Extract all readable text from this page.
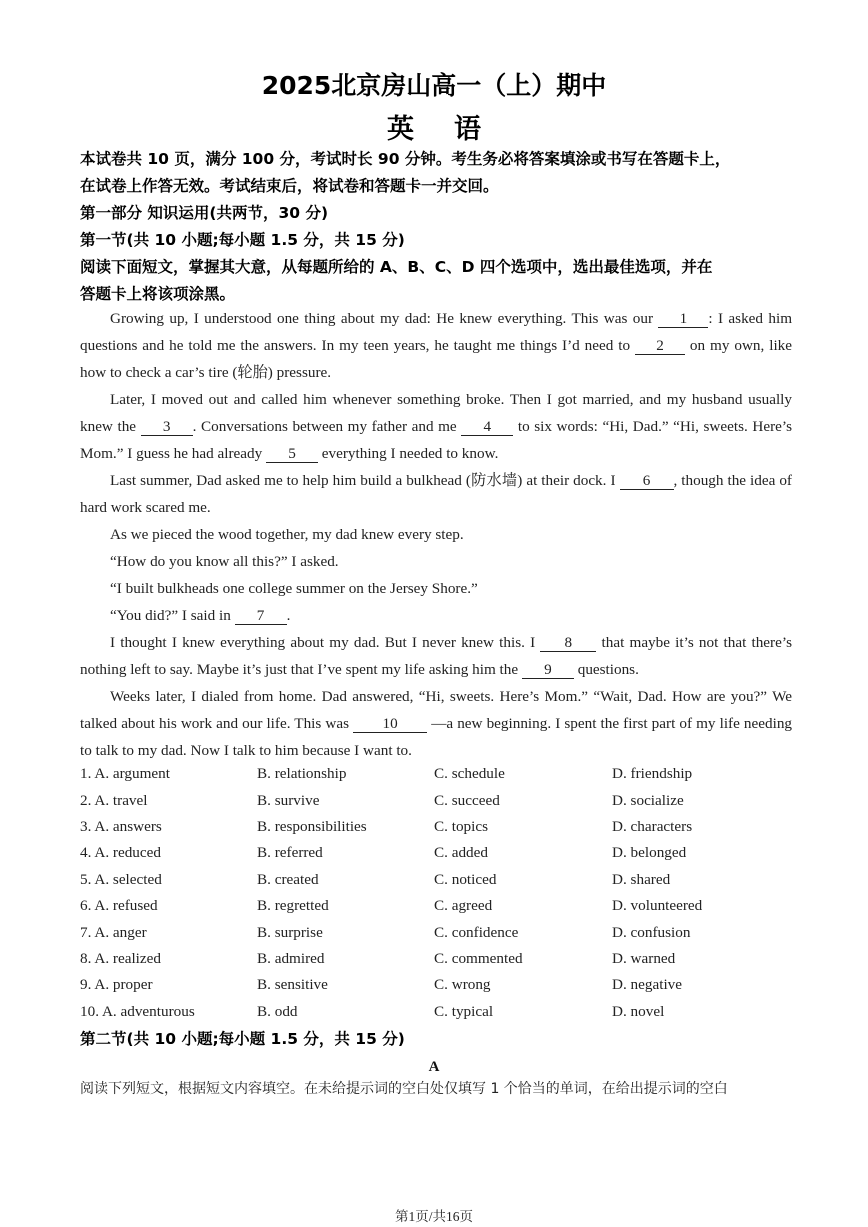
2025北京房山高一（上）期中
英语
本试卷共 10 页，满分 100 分，考试时长 90 分钟。考生务必将答案填涂或书写在答题卡上，
在试卷上作答无效。考试结束后，将试卷和答题卡一并交回。
第一部分 知识运用(共两节，30 分)
第一节(共 10 小题;每小题 1.5 分，共 15 分)
阅读下面短文，掌握其大意，从每题所给的 A、B、C、D 四个选项中，选出最佳选项，并在
答题卡上将该项涂黑。

Growing up, I understood one thing about my dad: He knew everything. This was our 1 : I asked him questions and he told me the answers. In my teen years, he taught me things I’d need to 2 on my own, like how to check a car’s tire (轮胎) pressure.

Later, I moved out and called him whenever something broke. Then I got married, and my husband usually knew the 3 . Conversations between my father and me 4 to six words: “Hi, Dad.” “Hi, sweets. Here’s Mom.” I guess he had already 5 everything I needed to know.

Last summer, Dad asked me to help him build a bulkhead (防水墙) at their dock. I 6 , though the idea of hard work scared me.

As we pieced the wood together, my dad knew every step.

“How do you know all this?” I asked.

“I built bulkheads one college summer on the Jersey Shore.”

“You did?” I said in 7 .

I thought I knew everything about my dad. But I never knew this. I 8 that maybe it’s not that there’s nothing left to say. Maybe it’s just that I’ve spent my life asking him the 9 questions.

Weeks later, I dialed from home. Dad answered, “Hi, sweets. Here’s Mom.” “Wait, Dad. How are you?” We talked about his work and our life. This was 10 —a new beginning. I spent the first part of my life needing to talk to my dad. Now I talk to him because I want to.

1. A. argument	B. relationship	C. schedule	D. friendship
2. A. travel	B. survive	C. succeed	D. socialize
3. A. answers	B. responsibilities	C. topics	D. characters
4. A. reduced	B. referred	C. added	D. belonged
5. A. selected	B. created	C. noticed	D. shared
6. A. refused	B. regretted	C. agreed	D. volunteered
7. A. anger	B. surprise	C. confidence	D. confusion
8. A. realized	B. admired	C. commented	D. warned
9. A. proper	B. sensitive	C. wrong	D. negative
10. A. adventurous	B. odd	C. typical	D. novel
第二节(共 10 小题;每小题 1.5 分，共 15 分)
A
阅读下列短文，根据短文内容填空。在未给提示词的空白处仅填写 1 个恰当的单词，在给出提示词的空白
第1页/共16页
